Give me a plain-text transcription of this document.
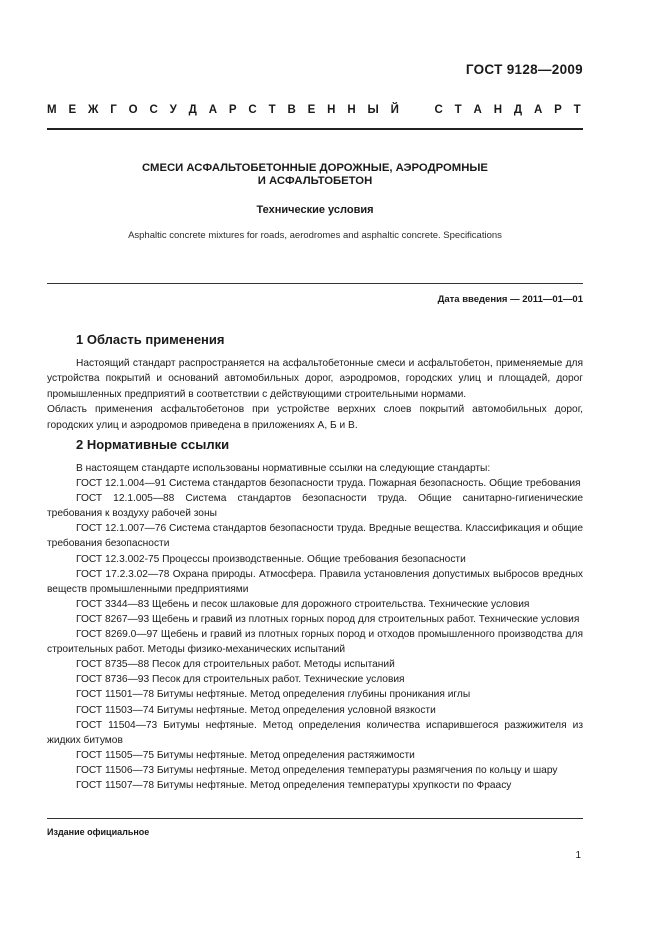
ГОСТ 9128—2009
М Е Ж Г О С У Д А Р С Т В Е Н Н Ы Й	С Т А Н Д А Р Т
СМЕСИ АСФАЛЬТОБЕТОННЫЕ ДОРОЖНЫЕ, АЭРОДРОМНЫЕ
И АСФАЛЬТОБЕТОН
Технические условия
Asphaltic concrete mixtures for roads, aerodromes and asphaltic concrete. Specifications
Дата введения — 2011—01—01
1 Область применения

Настоящий стандарт распространяется на асфальтобетонные смеси и асфальтобетон, применяемые для устройства покрытий и оснований автомобильных дорог, аэродромов, городских улиц и площадей, дорог промышленных предприятий в соответствии с действующими строительными нормами.

Область применения асфальтобетонов при устройстве верхних слоев покрытий автомобильных дорог, городских улиц и аэродромов приведена в приложениях А, Б и В.

2 Нормативные ссылки

В настоящем стандарте использованы нормативные ссылки на следующие стандарты:

ГОСТ 12.1.004—91 Система стандартов безопасности труда. Пожарная безопасность. Общие требования

ГОСТ 12.1.005—88 Система стандартов безопасности труда. Общие санитарно-гигиенические требования к воздуху рабочей зоны

ГОСТ 12.1.007—76 Система стандартов безопасности труда. Вредные вещества. Классификация и общие требования безопасности

ГОСТ 12.3.002-75 Процессы производственные. Общие требования безопасности

ГОСТ 17.2.3.02—78 Охрана природы. Атмосфера. Правила установления допустимых выбросов вредных веществ промышленными предприятиями

ГОСТ 3344—83 Щебень и песок шлаковые для дорожного строительства. Технические условия

ГОСТ 8267—93 Щебень и гравий из плотных горных пород для строительных работ. Технические условия

ГОСТ 8269.0—97 Щебень и гравий из плотных горных пород и отходов промышленного производства для строительных работ. Методы физико-механических испытаний

ГОСТ 8735—88 Песок для строительных работ. Методы испытаний

ГОСТ 8736—93 Песок для строительных работ. Технические условия

ГОСТ 11501—78 Битумы нефтяные. Метод определения глубины проникания иглы

ГОСТ 11503—74 Битумы нефтяные. Метод определения условной вязкости

ГОСТ 11504—73 Битумы нефтяные. Метод определения количества испарившегося разжижителя из жидких битумов

ГОСТ 11505—75 Битумы нефтяные. Метод определения растяжимости

ГОСТ 11506—73 Битумы нефтяные. Метод определения температуры размягчения по кольцу и шару

ГОСТ 11507—78 Битумы нефтяные. Метод определения температуры хрупкости по Фраасу

Издание официальное
1
